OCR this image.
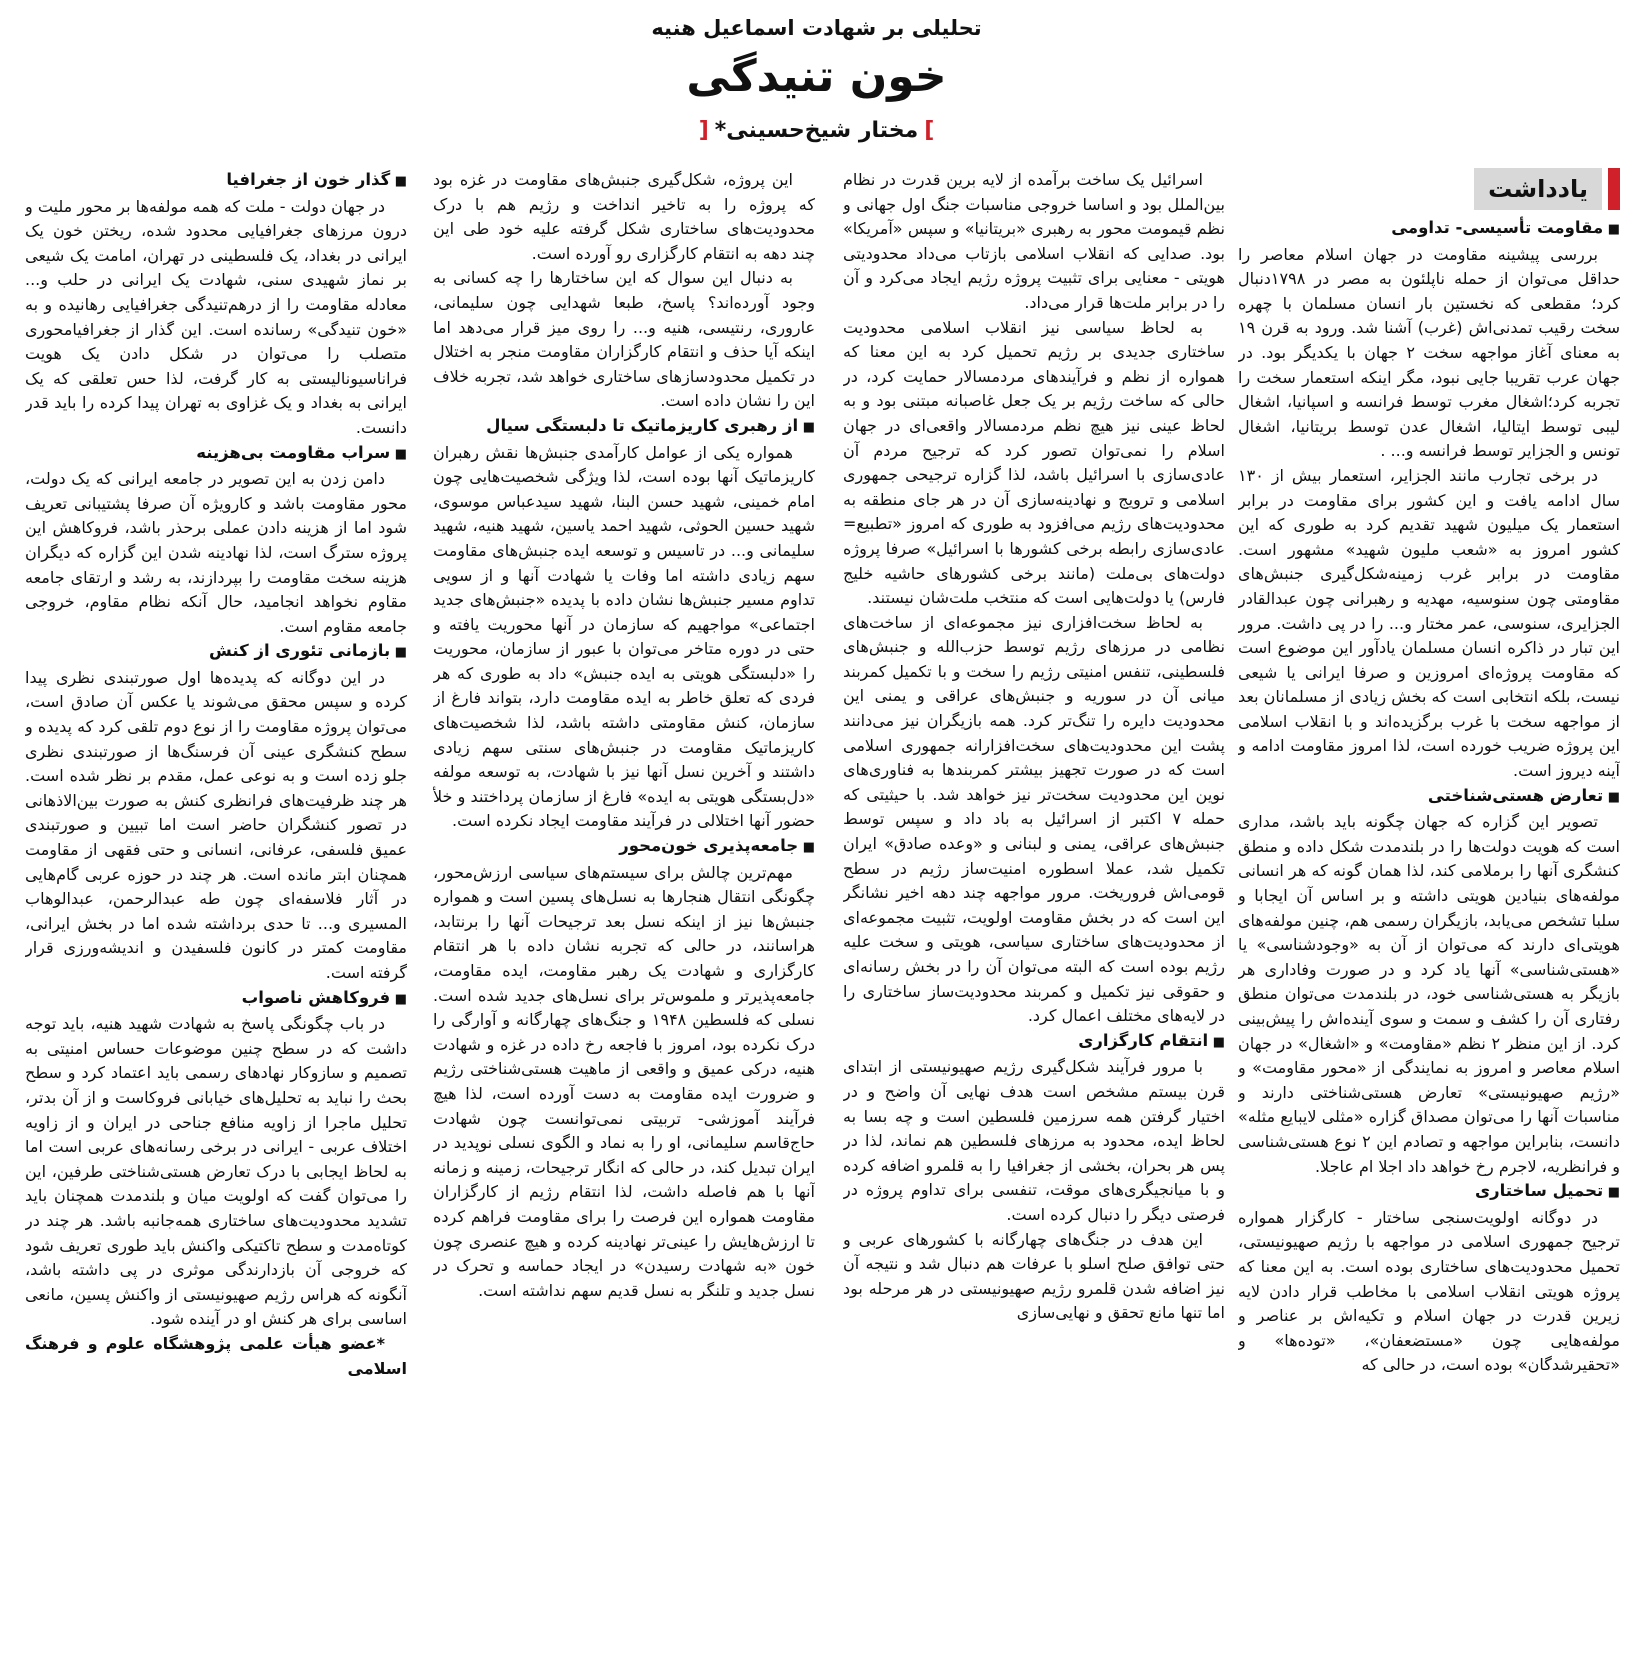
تحلیلی بر شهادت اسماعیل هنیه

خون تنیدگی

]مختار شیخ‌حسینی*[

یادداشت
■ مقاومت تأسیسی- تداومی

بررسی پیشینه مقاومت در جهان اسلام معاصر را حداقل می‌توان از حمله ناپلئون به مصر در ۱۷۹۸دنبال کرد؛ مقطعی که نخستین بار انسان مسلمان با چهره سخت رقیب تمدنی‌اش (غرب) آشنا شد. ورود به قرن ۱۹ به معنای آغاز مواجهه سخت ۲ جهان با یکدیگر بود. در جهان عرب تقریبا جایی نبود، مگر اینکه استعمار سخت را تجربه کرد؛اشغال مغرب توسط فرانسه و اسپانیا، اشغال لیبی توسط ایتالیا، اشغال عدن توسط بریتانیا، اشغال تونس و الجزایر توسط فرانسه و... .

در برخی تجارب مانند الجزایر، استعمار بیش از ۱۳۰ سال ادامه یافت و این کشور برای مقاومت در برابر استعمار یک میلیون شهید تقدیم کرد به طوری که این کشور امروز به «شعب ملیون شهید» مشهور است. مقاومت در برابر غرب زمینه‌شکل‌گیری جنبش‌های مقاومتی چون سنوسیه، مهدیه و رهبرانی چون عبدالقادر الجزایری، سنوسی، عمر مختار و... را در پی داشت. مرور این تبار در ذاکره انسان مسلمان یادآور این موضوع است که مقاومت پروژه‌ای امروزین و صرفا ایرانی یا شیعی نیست، بلکه انتخابی است که بخش زیادی از مسلمانان بعد از مواجهه سخت با غرب برگزیده‌اند و با انقلاب اسلامی این پروژه ضریب خورده است، لذا امروز مقاومت ادامه و آینه دیروز است.

■ تعارض هستی‌شناختی

تصویر این گزاره که جهان چگونه باید باشد، مداری است که هویت دولت‌ها را در بلندمدت شکل داده و منطق کنشگری آنها را برملامی کند، لذا همان گونه که هر انسانی مولفه‌های بنیادین هویتی داشته و بر اساس آن ایجابا و سلبا تشخص می‌یابد، بازیگران رسمی هم، چنین مولفه‌های هویتی‌ای دارند که می‌توان از آن به «وجودشناسی» یا «هستی‌شناسی» آنها یاد کرد و در صورت وفاداری هر بازیگر به هستی‌شناسی خود، در بلندمدت می‌توان منطق رفتاری آن را کشف و سمت و سوی آینده‌اش را پیش‌بینی کرد. از این منظر ۲ نظم «مقاومت» و «اشغال» در جهان اسلام معاصر و امروز به نمایندگی از «محور مقاومت» و «رژیم صهیونیستی» تعارض هستی‌شناختی دارند و مناسبات آنها را می‌توان مصداق گزاره «مثلی لایبایع مثله» دانست، بنابراین مواجهه و تصادم این ۲ نوع هستی‌شناسی و فرانظریه، لاجرم رخ خواهد داد اجلا ام عاجلا.

■ تحمیل ساختاری

در دوگانه اولویت‌سنجی ساختار - کارگزار همواره ترجیح جمهوری اسلامی در مواجهه با رژیم صهیونیستی، تحمیل محدودیت‌های ساختاری بوده است. به این معنا که پروژه هویتی انقلاب اسلامی با مخاطب قرار دادن لایه زیرین قدرت در جهان اسلام و تکیه‌اش بر عناصر و مولفه‌هایی چون «مستضعفان»، «توده‌ها» و «تحقیرشدگان» بوده است، در حالی که

اسرائیل یک ساخت برآمده از لایه برین قدرت در نظام بین‌الملل بود و اساسا خروجی مناسبات جنگ اول جهانی و نظم قیمومت محور به رهبری «بریتانیا» و سپس «آمریکا» بود. صدایی که انقلاب اسلامی بازتاب می‌داد محدودیتی هویتی - معنایی برای تثبیت پروژه رژیم ایجاد می‌کرد و آن را در برابر ملت‌ها قرار می‌داد.

به لحاظ سیاسی نیز انقلاب اسلامی محدودیت ساختاری جدیدی بر رژیم تحمیل کرد به این معنا که همواره از نظم و فرآیندهای مردمسالار حمایت کرد، در حالی که ساخت رژیم بر یک جعل غاصبانه مبتنی بود و به لحاظ عینی نیز هیچ نظم مردمسالار واقعی‌ای در جهان اسلام را نمی‌توان تصور کرد که ترجیح مردم آن عادی‌سازی با اسرائیل باشد، لذا گزاره ترجیحی جمهوری اسلامی و ترویج و نهادینه‌سازی آن در هر جای منطقه به محدودیت‌های رژیم می‌افزود به طوری که امروز «تطبیع= عادی‌سازی رابطه برخی کشورها با اسرائیل» صرفا پروژه دولت‌های بی‌ملت (مانند برخی کشورهای حاشیه خلیج فارس) یا دولت‌هایی است که منتخب ملت‌شان نیستند.

به لحاظ سخت‌افزاری نیز مجموعه‌ای از ساخت‌های نظامی در مرزهای رژیم توسط حزب‌الله و جنبش‌های فلسطینی، تنفس امنیتی رژیم را سخت و با تکمیل کمربند میانی آن در سوریه و جنبش‌های عراقی و یمنی این محدودیت دایره را تنگ‌تر کرد. همه بازیگران نیز می‌دانند پشت این محدودیت‌های سخت‌افزارانه جمهوری اسلامی است که در صورت تجهیز بیشتر کمربندها به فناوری‌های نوین این محدودیت سخت‌تر نیز خواهد شد. با حیثیتی که حمله ۷ اکتبر از اسرائیل به باد داد و سپس توسط جنبش‌های عراقی، یمنی و لبنانی و «وعده صادق» ایران تکمیل شد، عملا اسطوره امنیت‌ساز رژیم در سطح قومی‌اش فروریخت. مرور مواجهه چند دهه اخیر نشانگر این است که در بخش مقاومت اولویت، تثبیت مجموعه‌ای از محدودیت‌های ساختاری سیاسی، هویتی و سخت علیه رژیم بوده است که البته می‌توان آن را در بخش رسانه‌ای و حقوقی نیز تکمیل و کمربند محدودیت‌ساز ساختاری را در لایه‌های مختلف اعمال کرد.

■ انتقام کارگزاری

با مرور فرآیند شکل‌گیری رژیم صهیونیستی از ابتدای قرن بیستم مشخص است هدف نهایی آن واضح و در اختیار گرفتن همه سرزمین فلسطین است و چه بسا به لحاظ ایده، محدود به مرزهای فلسطین هم نماند، لذا در پس هر بحران، بخشی از جغرافیا را به قلمرو اضافه کرده و با میانجیگری‌های موقت، تنفسی برای تداوم پروژه در فرصتی دیگر را دنبال کرده است.

این هدف در جنگ‌های چهارگانه با کشورهای عربی و حتی توافق صلح اسلو با عرفات هم دنبال شد و نتیجه آن نیز اضافه شدن قلمرو رژیم صهیونیستی در هر مرحله بود اما تنها مانع تحقق و نهایی‌سازی

این پروژه، شکل‌گیری جنبش‌های مقاومت در غزه بود که پروژه را به تاخیر انداخت و رژیم هم با درک محدودیت‌های ساختاری شکل گرفته علیه خود طی این چند دهه به انتقام کارگزاری رو آورده است.

به دنبال این سوال که این ساختارها را چه کسانی به وجود آورده‌اند؟ پاسخ، طبعا شهدایی چون سلیمانی، عاروری، رنتیسی، هنیه و... را روی میز قرار می‌دهد اما اینکه آیا حذف و انتقام کارگزاران مقاومت منجر به اختلال در تکمیل محدودسازهای ساختاری خواهد شد، تجربه خلاف این را نشان داده است.

■ از رهبری کاریزماتیک تا دلبستگی سیال

همواره یکی از عوامل کارآمدی جنبش‌ها نقش رهبران کاریزماتیک آنها بوده است، لذا ویژگی شخصیت‌هایی چون امام خمینی، شهید حسن البنا، شهید سیدعباس موسوی، شهید حسین الحوثی، شهید احمد یاسین، شهید هنیه، شهید سلیمانی و... در تاسیس و توسعه ایده جنبش‌های مقاومت سهم زیادی داشته اما وفات یا شهادت آنها و از سویی تداوم مسیر جنبش‌ها نشان داده با پدیده «جنبش‌های جدید اجتماعی» مواجهیم که سازمان در آنها محوریت یافته و حتی در دوره متاخر می‌توان با عبور از سازمان، محوریت را «دلبستگی هویتی به ایده جنبش» داد به طوری که هر فردی که تعلق خاطر به ایده مقاومت دارد، بتواند فارغ از سازمان، کنش مقاومتی داشته باشد، لذا شخصیت‌های کاریزماتیک مقاومت در جنبش‌های سنتی سهم زیادی داشتند و آخرین نسل آنها نیز با شهادت، به توسعه مولفه «دل‌بستگی هویتی به ایده» فارغ از سازمان پرداختند و خلأ حضور آنها اختلالی در فرآیند مقاومت ایجاد نکرده است.

■ جامعه‌پذیری خون‌محور

مهم‌ترین چالش برای سیستم‌های سیاسی ارزش‌محور، چگونگی انتقال هنجارها به نسل‌های پسین است و همواره جنبش‌ها نیز از اینکه نسل بعد ترجیحات آنها را برنتابد، هراسانند، در حالی که تجربه نشان داده با هر انتقام کارگزاری و شهادت یک رهبر مقاومت، ایده مقاومت، جامعه‌پذیرتر و ملموس‌تر برای نسل‌های جدید شده است. نسلی که فلسطین ۱۹۴۸ و جنگ‌های چهارگانه و آوارگی را درک نکرده بود، امروز با فاجعه رخ داده در غزه و شهادت هنیه، درکی عمیق و واقعی از ماهیت هستی‌شناختی رژیم و ضرورت ایده مقاومت به دست آورده است، لذا هیچ فرآیند آموزشی- تربیتی نمی‌توانست چون شهادت حاج‌قاسم سلیمانی، او را به نماد و الگوی نسلی نوپدید در ایران تبدیل کند، در حالی که انگار ترجیحات، زمینه و زمانه آنها با هم فاصله داشت، لذا انتقام رژیم از کارگزاران مقاومت همواره این فرصت را برای مقاومت فراهم کرده تا ارزش‌هایش را عینی‌تر نهادینه کرده و هیچ عنصری چون خون «به شهادت رسیدن» در ایجاد حماسه و تحرک در نسل جدید و تلنگر به نسل قدیم سهم نداشته است.

■ گذار خون از جغرافیا

در جهان دولت - ملت که همه مولفه‌ها بر محور ملیت و درون مرزهای جغرافیایی محدود شده، ریختن خون یک ایرانی در بغداد، یک فلسطینی در تهران، امامت یک شیعی بر نماز شهیدی سنی، شهادت یک ایرانی در حلب و... معادله مقاومت را از درهم‌تنیدگی جغرافیایی رهانیده و به «خون تنیدگی» رسانده است. این گذار از جغرافیامحوری متصلب را می‌توان در شکل دادن یک هویت فراناسیونالیستی به کار گرفت، لذا حس تعلقی که یک ایرانی به بغداد و یک غزاوی به تهران پیدا کرده را باید قدر دانست.

■ سراب مقاومت بی‌هزینه

دامن زدن به این تصویر در جامعه ایرانی که یک دولت، محور مقاومت باشد و کارویژه آن صرفا پشتیبانی تعریف شود اما از هزینه دادن عملی برحذر باشد، فروکاهش این پروژه سترگ است، لذا نهادینه شدن این گزاره که دیگران هزینه سخت مقاومت را بپردازند، به رشد و ارتقای جامعه مقاوم نخواهد انجامید، حال آنکه نظام مقاوم، خروجی جامعه مقاوم است.

■ بازمانی تئوری از کنش

در این دوگانه که پدیده‌ها اول صورتبندی نظری پیدا کرده و سپس محقق می‌شوند یا عکس آن صادق است، می‌توان پروژه مقاومت را از نوع دوم تلقی کرد که پدیده و سطح کنشگری عینی آن فرسنگ‌ها از صورتبندی نظری جلو زده است و به نوعی عمل، مقدم بر نظر شده است. هر چند ظرفیت‌های فرانظری کنش به صورت بین‌الاذهانی در تصور کنشگران حاضر است اما تبیین و صورتبندی عمیق فلسفی، عرفانی، انسانی و حتی فقهی از مقاومت همچنان ابتر مانده است. هر چند در حوزه عربی گام‌هایی در آثار فلاسفه‌ای چون طه عبدالرحمن، عبدالوهاب المسیری و... تا حدی برداشته شده اما در بخش ایرانی، مقاومت کمتر در کانون فلسفیدن و اندیشه‌ورزی قرار گرفته است.

■ فروکاهش ناصواب

در باب چگونگی پاسخ به شهادت شهید هنیه، باید توجه داشت که در سطح چنین موضوعات حساس امنیتی به تصمیم و سازوکار نهادهای رسمی باید اعتماد کرد و سطح بحث را نباید به تحلیل‌های خیابانی فروکاست و از آن بدتر، تحلیل ماجرا از زاویه منافع جناحی در ایران و از زاویه اختلاف عربی - ایرانی در برخی رسانه‌های عربی است اما به لحاظ ایجابی با درک تعارض هستی‌شناختی طرفین، این را می‌توان گفت که اولویت میان و بلندمدت همچنان باید تشدید محدودیت‌های ساختاری همه‌جانبه باشد. هر چند در کوتاه‌مدت و سطح تاکتیکی واکنش باید طوری تعریف شود که خروجی آن بازدارندگی موثری در پی داشته باشد، آنگونه که هراس رژیم صهیونیستی از واکنش پسین، مانعی اساسی برای هر کنش او در آینده شود.

*عضو هیأت علمی پژوهشگاه علوم و فرهنگ اسلامی
